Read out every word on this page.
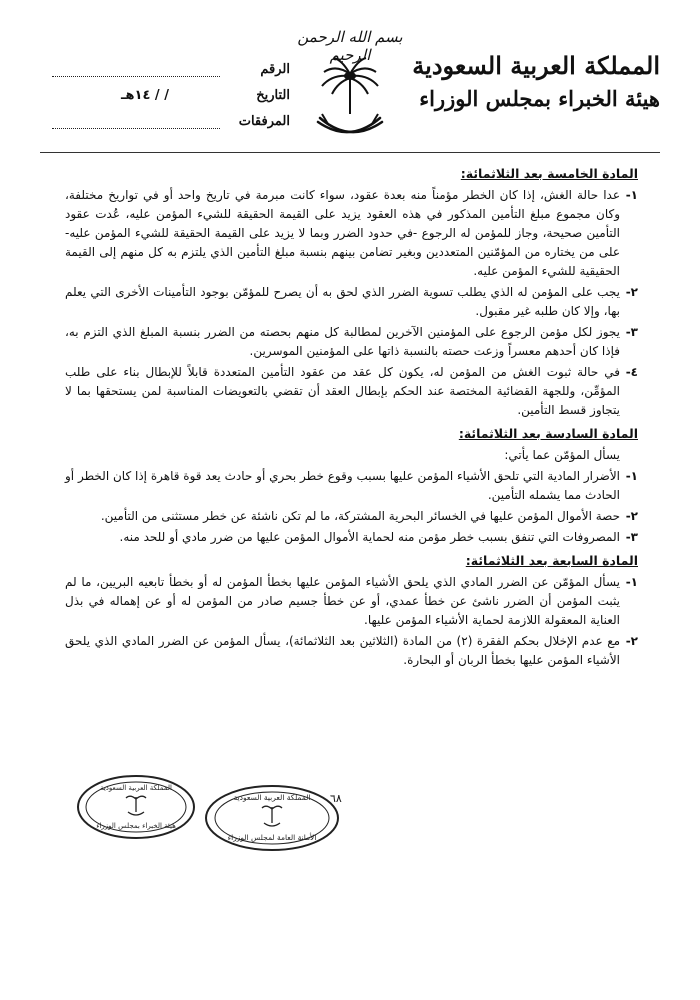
بسم الله الرحمن الرحيم	المملكة العربية السعودية
هيئة الخبراء بمجلس الوزراء
الرقم
التاريخ
/ / ١٤هـ
المرفقات
المادة الخامسة بعد الثلاثمائة:
١-
عدا حالة الغش، إذا كان الخطر مؤمناً منه بعدة عقود، سواء كانت مبرمة في تاريخ واحد أو في تواريخ مختلفة، وكان مجموع مبلغ التأمين المذكور في هذه العقود يزيد على القيمة الحقيقة للشيء المؤمن عليه، عُدت عقود التأمين صحيحة، وجاز للمؤمن له الرجوع -في حدود الضرر وبما لا يزيد على القيمة الحقيقة للشيء المؤمن عليه- على من يختاره من المؤمّنين المتعددين وبغير تضامن بينهم بنسبة مبلغ التأمين الذي يلتزم به كل منهم إلى القيمة الحقيقية للشيء المؤمن عليه.
٢-
يجب على المؤمن له الذي يطلب تسوية الضرر الذي لحق به أن يصرح للمؤمّن بوجود التأمينات الأخرى التي يعلم بها، وإلا كان طلبه غير مقبول.
٣-
يجوز لكل مؤمن الرجوع على المؤمنين الآخرين لمطالبة كل منهم بحصته من الضرر بنسبة المبلغ الذي التزم به، فإذا كان أحدهم معسراً وزعت حصته بالنسبة ذاتها على المؤمنين الموسرين.
٤-
في حالة ثبوت الغش من المؤمن له، يكون كل عقد من عقود التأمين المتعددة قابلاً للإبطال بناء على طلب المؤمِّن، وللجهة القضائية المختصة عند الحكم بإبطال العقد أن تقضي بالتعويضات المناسبة لمن يستحقها بما لا يتجاوز قسط التأمين.
المادة السادسة بعد الثلاثمائة:
يسأل المؤمّن عما يأتي:
١-
الأضرار المادية التي تلحق الأشياء المؤمن عليها بسبب وقوع خطر بحري أو حادث يعد قوة قاهرة إذا كان الخطر أو الحادث مما يشمله التأمين.
٢-
حصة الأموال المؤمن عليها في الخسائر البحرية المشتركة، ما لم تكن ناشئة عن خطر مستثنى من التأمين.
٣-
المصروفات التي تنفق بسبب خطر مؤمن منه لحماية الأموال المؤمن عليها من ضرر مادي أو للحد منه.
المادة السابعة بعد الثلاثمائة:
١-
يسأل المؤمّن عن الضرر المادي الذي يلحق الأشياء المؤمن عليها بخطأ المؤمن له أو بخطأ تابعيه البريين، ما لم يثبت المؤمن أن الضرر ناشئ عن خطأ عمدي، أو عن خطأ جسيم صادر من المؤمن له أو عن إهماله في بذل العناية المعقولة اللازمة لحماية الأشياء المؤمن عليها.
٢-
مع عدم الإخلال بحكم الفقرة (٢) من المادة (الثلاثين بعد الثلاثمائة)، يسأل المؤمن عن الضرر المادي الذي يلحق الأشياء المؤمن عليها بخطأ الربان أو البحارة.
٦٨
المملكة العربية السعودية
هيئة الخبراء بمجلس الوزراء
المملكة العربية السعودية
الأمانة العامة لمجلس الوزراء
